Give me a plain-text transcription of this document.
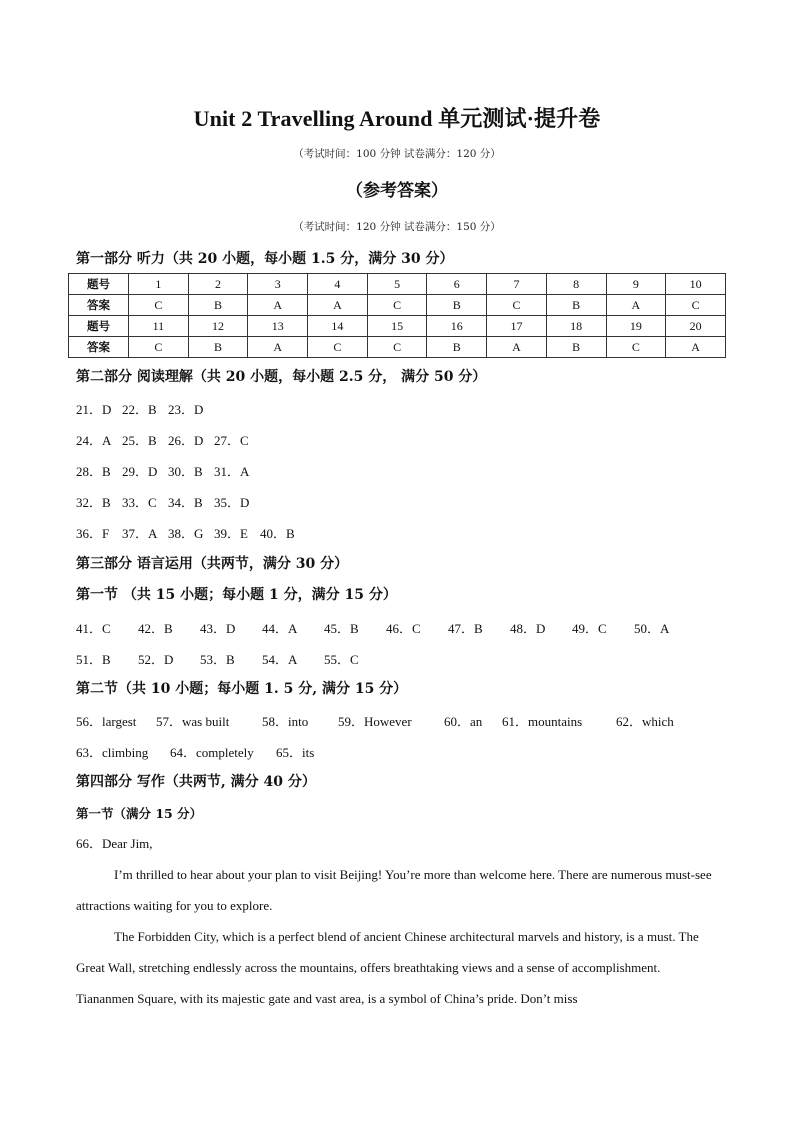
Unit 2 Travelling Around 单元测试·提升卷
（考试时间：100 分钟 试卷满分：120 分）
（参考答案）
（考试时间：120 分钟 试卷满分：150 分）
第一部分 听力（共 20 小题，每小题 1.5 分，满分 30 分）
题号	1	2	3	4	5	6	7	8	9	10
答案	C	B	A	A	C	B	C	B	A	C
题号	11	12	13	14	15	16	17	18	19	20
答案	C	B	A	C	C	B	A	B	C	A
第二部分 阅读理解（共 20 小题，每小题 2.5 分， 满分 50 分）
21．D 22．B 23．D
24．A 25．B 26．D 27．C
28．B 29．D 30．B 31．A
32．B 33．C 34．B 35．D
36．F 37．A 38．G 39．E 40．B
第三部分 语言运用（共两节，满分 30 分）
第一节 （共 15 小题；每小题 1 分，满分 15 分）
41．C 42．B 43．D 44．A 45．B 46．C 47．B 48．D 49．C 50．A
51．B 52．D 53．B 54．A 55．C
第二节（共 10 小题；每小题 1. 5 分, 满分 15 分）
56．largest 57．was built	58．into 59．However 60．an 61．mountains	62．which
63．climbing 64．completely 65．its
第四部分 写作（共两节, 满分 40 分）
第一节（满分 15 分）
66．Dear Jim,
I’m thrilled to hear about your plan to visit Beijing! You’re more than welcome here. There are numerous must-see attractions waiting for you to explore.
The Forbidden City, which is a perfect blend of ancient Chinese architectural marvels and history, is a must. The Great Wall, stretching endlessly across the mountains, offers breathtaking views and a sense of accomplishment. Tiananmen Square, with its majestic gate and vast area, is a symbol of China’s pride. Don’t miss
